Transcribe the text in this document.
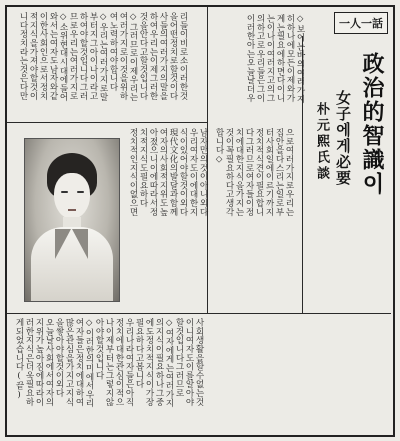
一人一話
政治的智識이
女子에게必要
朴元熙氏談
◇보이는바의여러가지
히하나에모든이제와가
계는필요에하면다이니
는이나이여러지고의그
의하고로우리들은그이
이러한아는오늘날더우
리들이비로소이러한것
을어떤정치로할것이다
사들의여러가지의말을
하여우리는이제그러한
것을안다고할것입니다
◇그러므로이제우리는
여러가지로이것을위하
여노력하여야합니다
◇우리는여러가지로말
부터지그아이나이라고
하여야할것입니다그러
므로우리는여러가지로
◇소위현대시대에들어
와서는여자도남자와같
이한사회인으로서정치
적지식을가져야할것이
니다정치라는것은다만
으로여러가지로우리는
집안을다스리는일로부
터사회일에이르기까지
정치적식견이필요합니
다그러므로여자들이정
치에대한지식을가지는
것이꼭필요하다고생각
합니다◇
남자만의것이아니외다
우리여자도이에대한지
식이있어야할것이외다
現代文化의발달과함께
여자의사회적지위도높
아졌으니이에따라서정
치적지식도필요하다
정치적인지식이없으면
사회생활을할수없는것
이니여자도이를알아야
할것입니다그러므로
◇여자에게는여러가지
의지식이필요하나그중
에도정치적지식이가장
필요하다고봅니다
우리나라여자들은아직
정치에대한관심이적으
나이제부터는그렇지않
아야할것입니다
◇이러한의미에서우리
여자들은정치에대하여
많은관심을가지고지식
을쌓아야할것이외다
오늘날사회에서여자의
지위가높아짐에따라이
러한지식은더욱필요하
게되었습니다(끝)
